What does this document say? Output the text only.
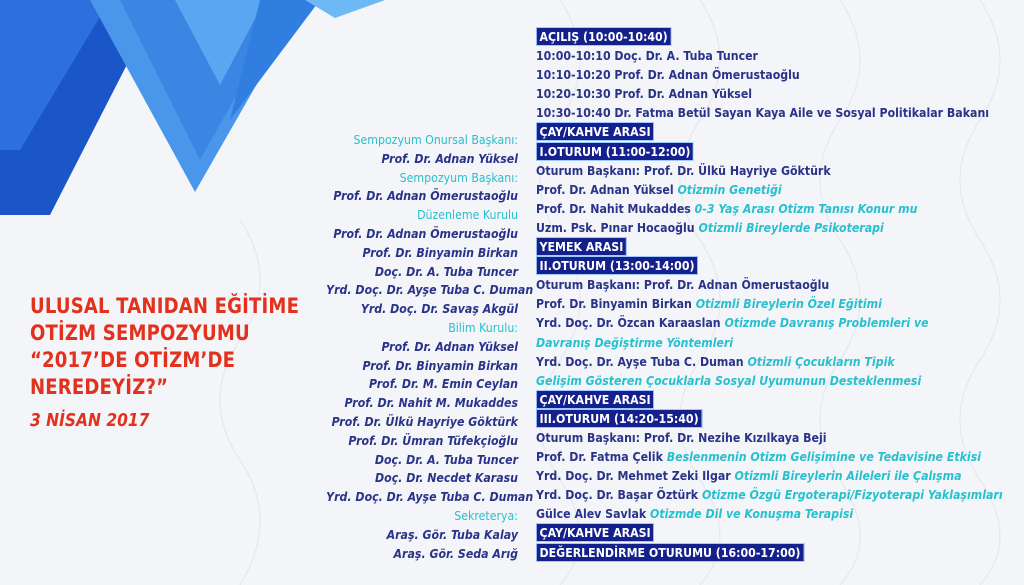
ULUSAL TANIDAN EĞİTİME
OTİZM SEMPOZYUMU
“2017’DE OTİZM’DE
NEREDEYİZ?”
3 NİSAN 2017
Sempozyum Onursal Başkanı:
Prof. Dr. Adnan Yüksel
Sempozyum Başkanı:
Prof. Dr. Adnan Ömerustaoğlu
Düzenleme Kurulu
Prof. Dr. Adnan Ömerustaoğlu
Prof. Dr. Binyamin Birkan
Doç. Dr. A. Tuba Tuncer
Yrd. Doç. Dr. Ayşe Tuba C. Duman
Yrd. Doç. Dr. Savaş Akgül
Bilim Kurulu:
Prof. Dr. Adnan Yüksel
Prof. Dr. Binyamin Birkan
Prof. Dr. M. Emin Ceylan
Prof. Dr. Nahit M. Mukaddes
Prof. Dr. Ülkü Hayriye Göktürk
Prof. Dr. Ümran Tüfekçioğlu
Doç. Dr. A. Tuba Tuncer
Doç. Dr. Necdet Karasu
Yrd. Doç. Dr. Ayşe Tuba C. Duman
Sekreterya:
Araş. Gör. Tuba Kalay
Araş. Gör. Seda Arığ
AÇILIŞ (10:00-10:40)
10:00-10:10 Doç. Dr. A. Tuba Tuncer
10:10-10:20 Prof. Dr. Adnan Ömerustaoğlu
10:20-10:30 Prof. Dr. Adnan Yüksel
10:30-10:40 Dr. Fatma Betül Sayan Kaya Aile ve Sosyal Politikalar Bakanı
ÇAY/KAHVE ARASI
I.OTURUM (11:00-12:00)
Oturum Başkanı: Prof. Dr. Ülkü Hayriye Göktürk
Prof. Dr. Adnan Yüksel Otizmin Genetiği
Prof. Dr. Nahit Mukaddes 0-3 Yaş Arası Otizm Tanısı Konur mu
Uzm. Psk. Pınar Hocaoğlu Otizmli Bireylerde Psikoterapi
YEMEK ARASI
II.OTURUM (13:00-14:00)
Oturum Başkanı: Prof. Dr. Adnan Ömerustaoğlu
Prof. Dr. Binyamin Birkan Otizmli Bireylerin Özel Eğitimi
Yrd. Doç. Dr. Özcan Karaaslan Otizmde Davranış Problemleri ve
Davranış Değiştirme Yöntemleri
Yrd. Doç. Dr. Ayşe Tuba C. Duman Otizmli Çocukların Tipik
Gelişim Gösteren Çocuklarla Sosyal Uyumunun Desteklenmesi
ÇAY/KAHVE ARASI
III.OTURUM (14:20-15:40)
Oturum Başkanı: Prof. Dr. Nezihe Kızılkaya Beji
Prof. Dr. Fatma Çelik Beslenmenin Otizm Gelişimine ve Tedavisine Etkisi
Yrd. Doç. Dr. Mehmet Zeki Ilgar Otizmli Bireylerin Aileleri ile Çalışma
Yrd. Doç. Dr. Başar Öztürk Otizme Özgü Ergoterapi/Fizyoterapi Yaklaşımları
Gülce Alev Savlak Otizmde Dil ve Konuşma Terapisi
ÇAY/KAHVE ARASI
DEĞERLENDİRME OTURUMU (16:00-17:00)
